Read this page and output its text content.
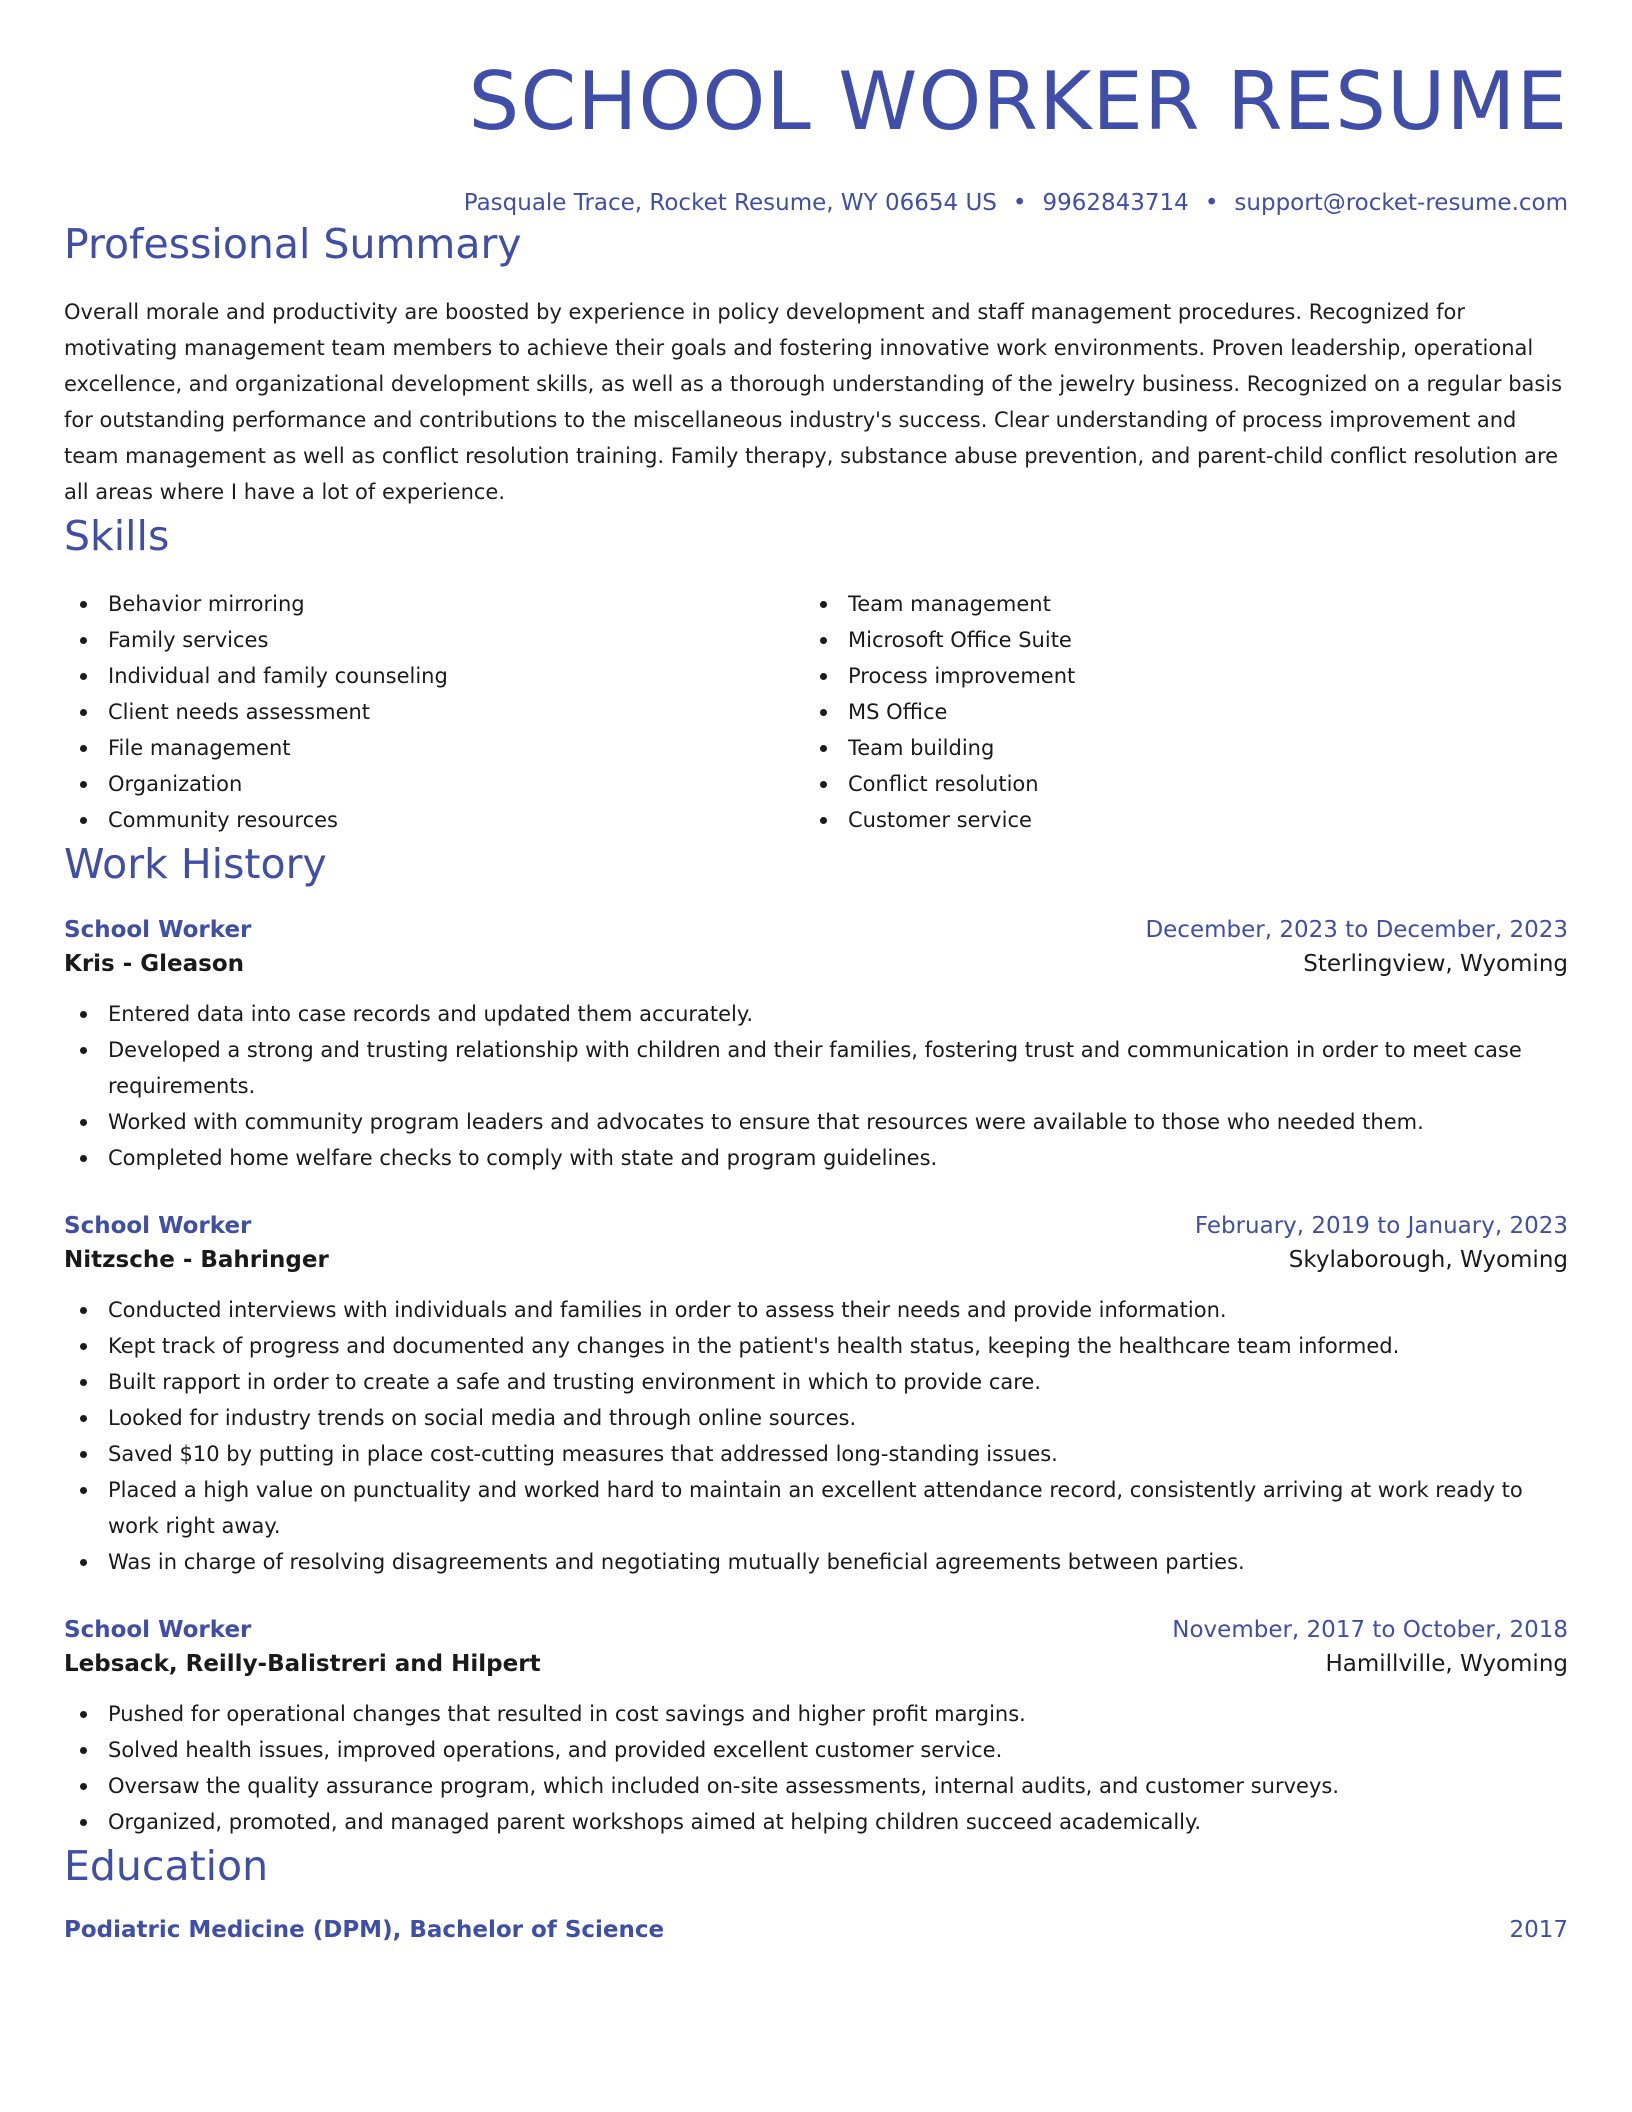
SCHOOL WORKER RESUME
Pasquale Trace, Rocket Resume, WY 06654 US • 9962843714 • support@rocket-resume.com
Professional Summary
Overall morale and productivity are boosted by experience in policy development and staff management procedures. Recognized for motivating management team members to achieve their goals and fostering innovative work environments. Proven leadership, operational excellence, and organizational development skills, as well as a thorough understanding of the jewelry business. Recognized on a regular basis for outstanding performance and contributions to the miscellaneous industry's success. Clear understanding of process improvement and team management as well as conflict resolution training. Family therapy, substance abuse prevention, and parent-child conflict resolution are all areas where I have a lot of experience.
Skills
Behavior mirroring
Family services
Individual and family counseling
Client needs assessment
File management
Organization
Community resources
Team management
Microsoft Office Suite
Process improvement
MS Office
Team building
Conflict resolution
Customer service
Work History
School Worker	December, 2023 to December, 2023
Kris - Gleason	Sterlingview, Wyoming
Entered data into case records and updated them accurately.
Developed a strong and trusting relationship with children and their families, fostering trust and communication in order to meet case requirements.
Worked with community program leaders and advocates to ensure that resources were available to those who needed them.
Completed home welfare checks to comply with state and program guidelines.
School Worker	February, 2019 to January, 2023
Nitzsche - Bahringer	Skylaborough, Wyoming
Conducted interviews with individuals and families in order to assess their needs and provide information.
Kept track of progress and documented any changes in the patient's health status, keeping the healthcare team informed.
Built rapport in order to create a safe and trusting environment in which to provide care.
Looked for industry trends on social media and through online sources.
Saved $10 by putting in place cost-cutting measures that addressed long-standing issues.
Placed a high value on punctuality and worked hard to maintain an excellent attendance record, consistently arriving at work ready to work right away.
Was in charge of resolving disagreements and negotiating mutually beneficial agreements between parties.
School Worker	November, 2017 to October, 2018
Lebsack, Reilly-Balistreri and Hilpert	Hamillville, Wyoming
Pushed for operational changes that resulted in cost savings and higher profit margins.
Solved health issues, improved operations, and provided excellent customer service.
Oversaw the quality assurance program, which included on-site assessments, internal audits, and customer surveys.
Organized, promoted, and managed parent workshops aimed at helping children succeed academically.
Education
Podiatric Medicine (DPM), Bachelor of Science	2017
